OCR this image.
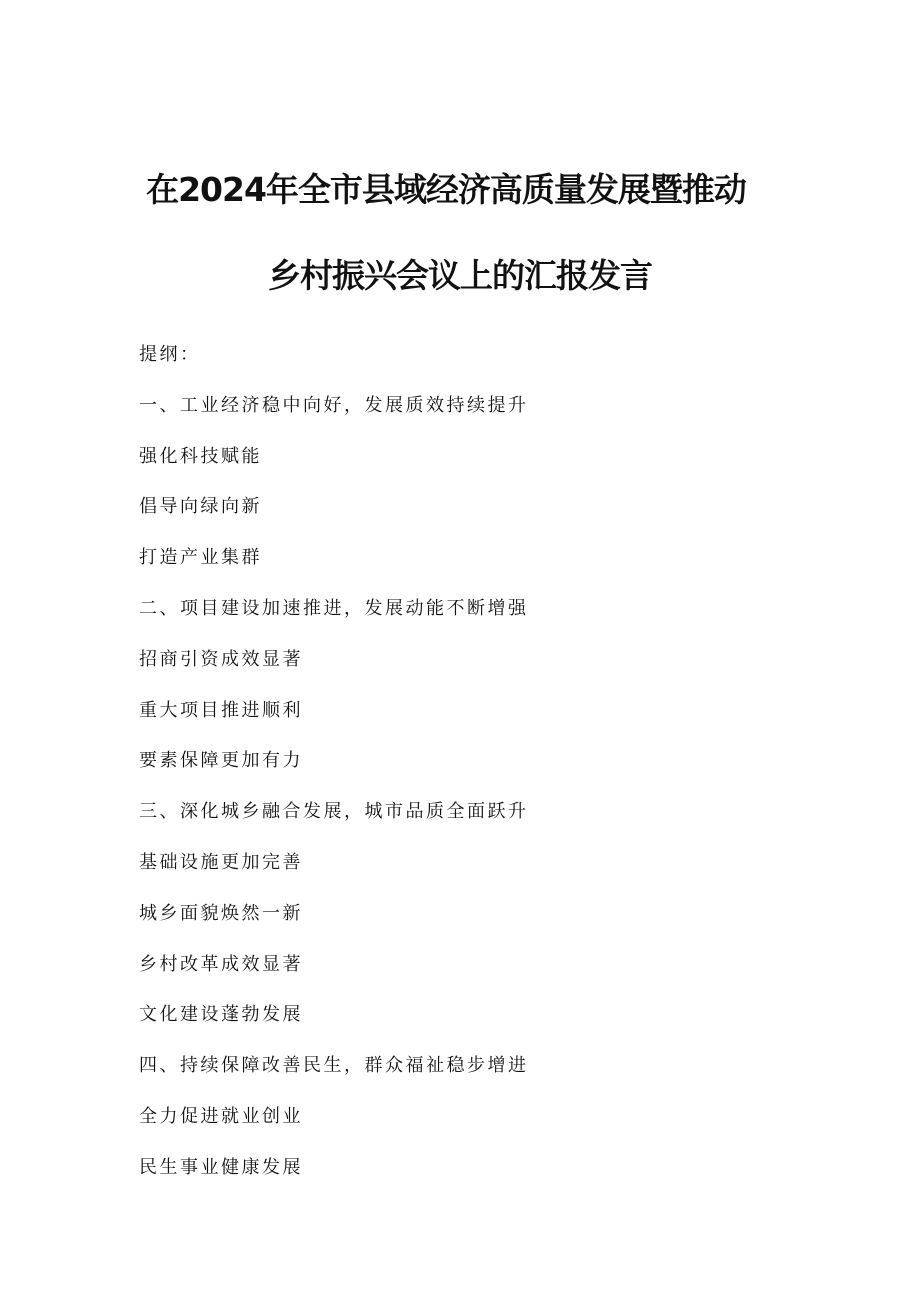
在2024年全市县域经济高质量发展暨推动
乡村振兴会议上的汇报发言
提纲：
一、工业经济稳中向好，发展质效持续提升
强化科技赋能
倡导向绿向新
打造产业集群
二、项目建设加速推进，发展动能不断增强
招商引资成效显著
重大项目推进顺利
要素保障更加有力
三、深化城乡融合发展，城市品质全面跃升
基础设施更加完善
城乡面貌焕然一新
乡村改革成效显著
文化建设蓬勃发展
四、持续保障改善民生，群众福祉稳步增进
全力促进就业创业
民生事业健康发展
